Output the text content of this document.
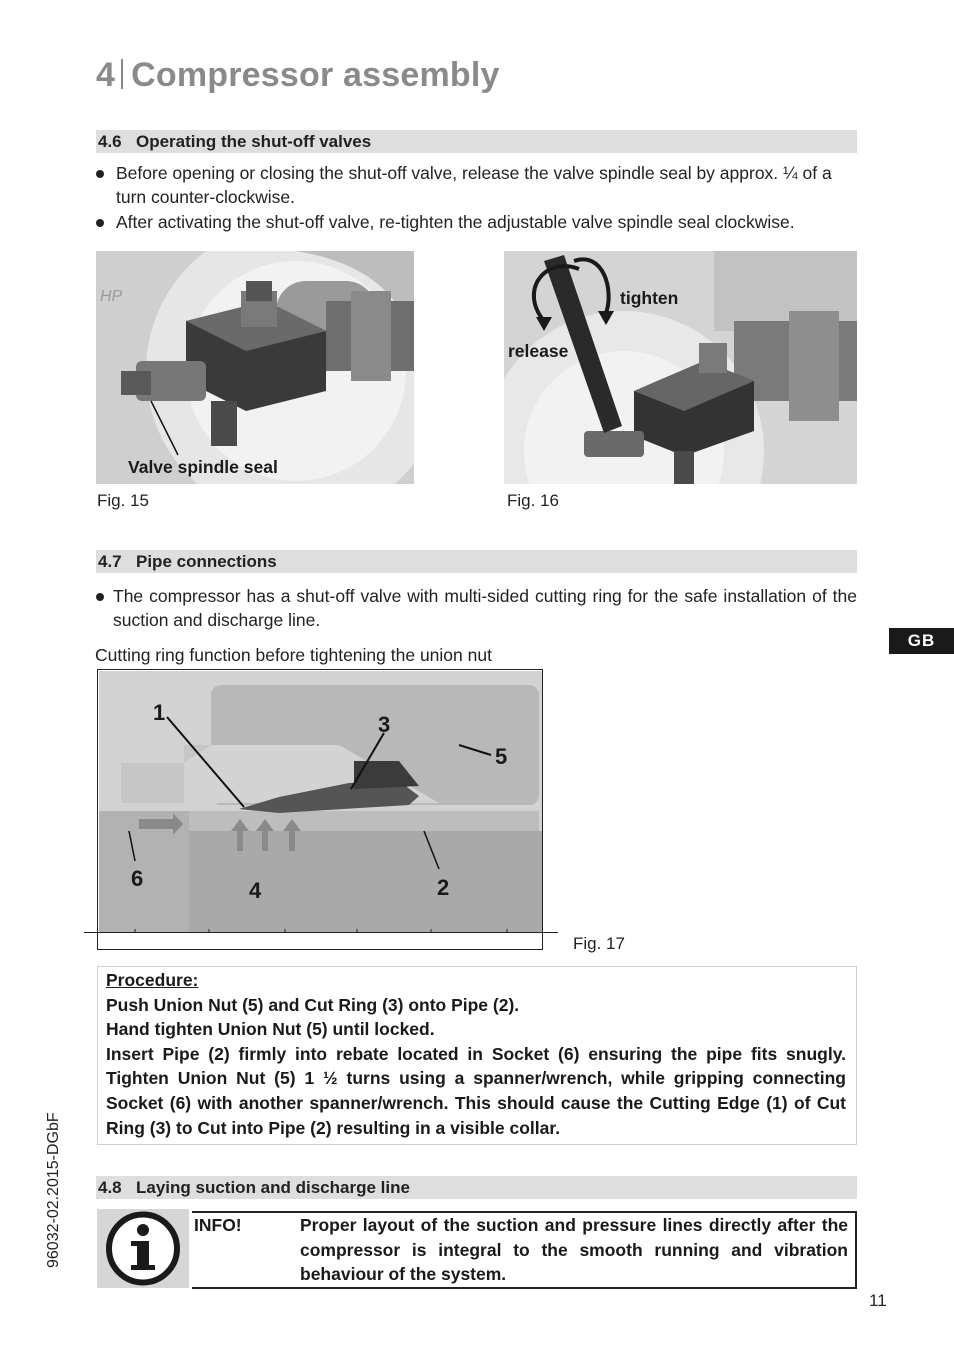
4 Compressor assembly
4.6 Operating the shut-off valves
Before opening or closing the shut-off valve, release the valve spindle seal by approx. ¼ of a turn counter-clockwise.
After activating the shut-off valve, re-tighten the adjustable valve spindle seal clockwise.
HP
Valve spindle seal
Fig. 15
tighten
release
Fig. 16
4.7 Pipe connections
The compressor has a shut-off valve with multi-sided cutting ring for the safe installation of the suction and discharge line.
Cutting ring function before tightening the union nut
1
2
3
4
5
6
Fig. 17
Procedure:
Push Union Nut (5) and Cut Ring (3) onto Pipe (2).
Hand tighten Union Nut (5) until locked.
Insert Pipe (2) firmly into rebate located in Socket (6) ensuring the pipe fits snugly. Tighten Union Nut (5) 1 ½ turns using a spanner/wrench, while gripping connecting Socket (6) with another spanner/wrench. This should cause the Cutting Edge (1) of Cut Ring (3) to Cut into Pipe (2) resulting in a visible collar.
4.8 Laying suction and discharge line
INFO!	Proper layout of the suction and pressure lines directly after the compressor is integral to the smooth running and vibration behaviour of the system.
GB
96032-02.2015-DGbF
11
